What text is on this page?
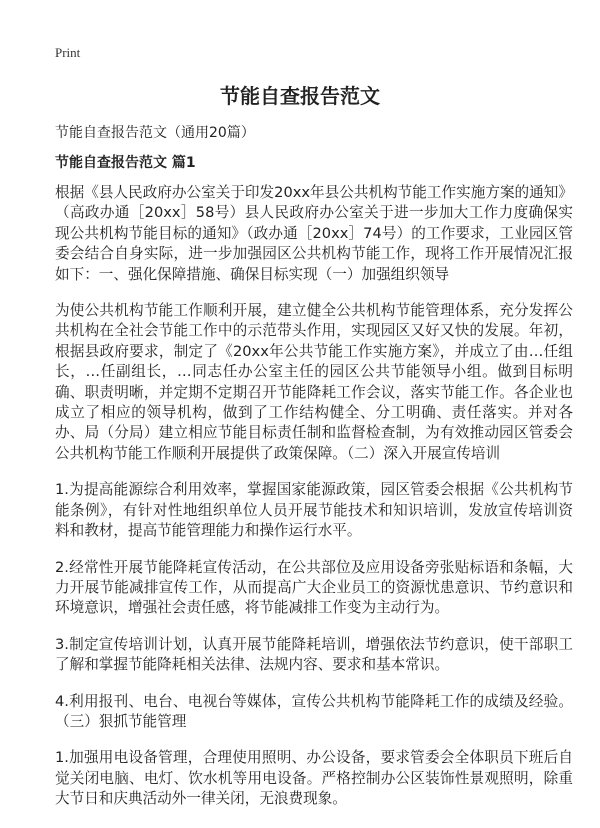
Print
节能自查报告范文
节能自查报告范文（通用20篇）
节能自查报告范文 篇1

根据《县人民政府办公室关于印发20xx年县公共机构节能工作实施方案的通知》（高政办通［20xx］58号）县人民政府办公室关于进一步加大工作力度确保实现公共机构节能目标的通知》（政办通［20xx］74号）的工作要求，工业园区管委会结合自身实际，进一步加强园区公共机构节能工作，现将工作开展情况汇报如下：一、强化保障措施、确保目标实现（一）加强组织领导

为使公共机构节能工作顺利开展，建立健全公共机构节能管理体系，充分发挥公共机构在全社会节能工作中的示范带头作用，实现园区又好又快的发展。年初，根据县政府要求，制定了《20xx年公共节能工作实施方案》，并成立了由…任组长，…任副组长，…同志任办公室主任的园区公共节能领导小组。做到目标明确、职责明晰，并定期不定期召开节能降耗工作会议，落实节能工作。各企业也成立了相应的领导机构，做到了工作结构健全、分工明确、责任落实。并对各办、局（分局）建立相应节能目标责任制和监督检查制，为有效推动园区管委会公共机构节能工作顺利开展提供了政策保障。（二）深入开展宣传培训

1.为提高能源综合利用效率，掌握国家能源政策，园区管委会根据《公共机构节能条例》，有针对性地组织单位人员开展节能技术和知识培训，发放宣传培训资料和教材，提高节能管理能力和操作运行水平。

2.经常性开展节能降耗宣传活动，在公共部位及应用设备旁张贴标语和条幅，大力开展节能减排宣传工作，从而提高广大企业员工的资源忧患意识、节约意识和环境意识，增强社会责任感，将节能减排工作变为主动行为。

3.制定宣传培训计划，认真开展节能降耗培训，增强依法节约意识，使干部职工了解和掌握节能降耗相关法律、法规内容、要求和基本常识。

4.利用报刊、电台、电视台等媒体，宣传公共机构节能降耗工作的成绩及经验。（三）狠抓节能管理

1.加强用电设备管理，合理使用照明、办公设备，要求管委会全体职员下班后自觉关闭电脑、电灯、饮水机等用电设备。严格控制办公区装饰性景观照明，除重大节日和庆典活动外一律关闭，无浪费现象。
